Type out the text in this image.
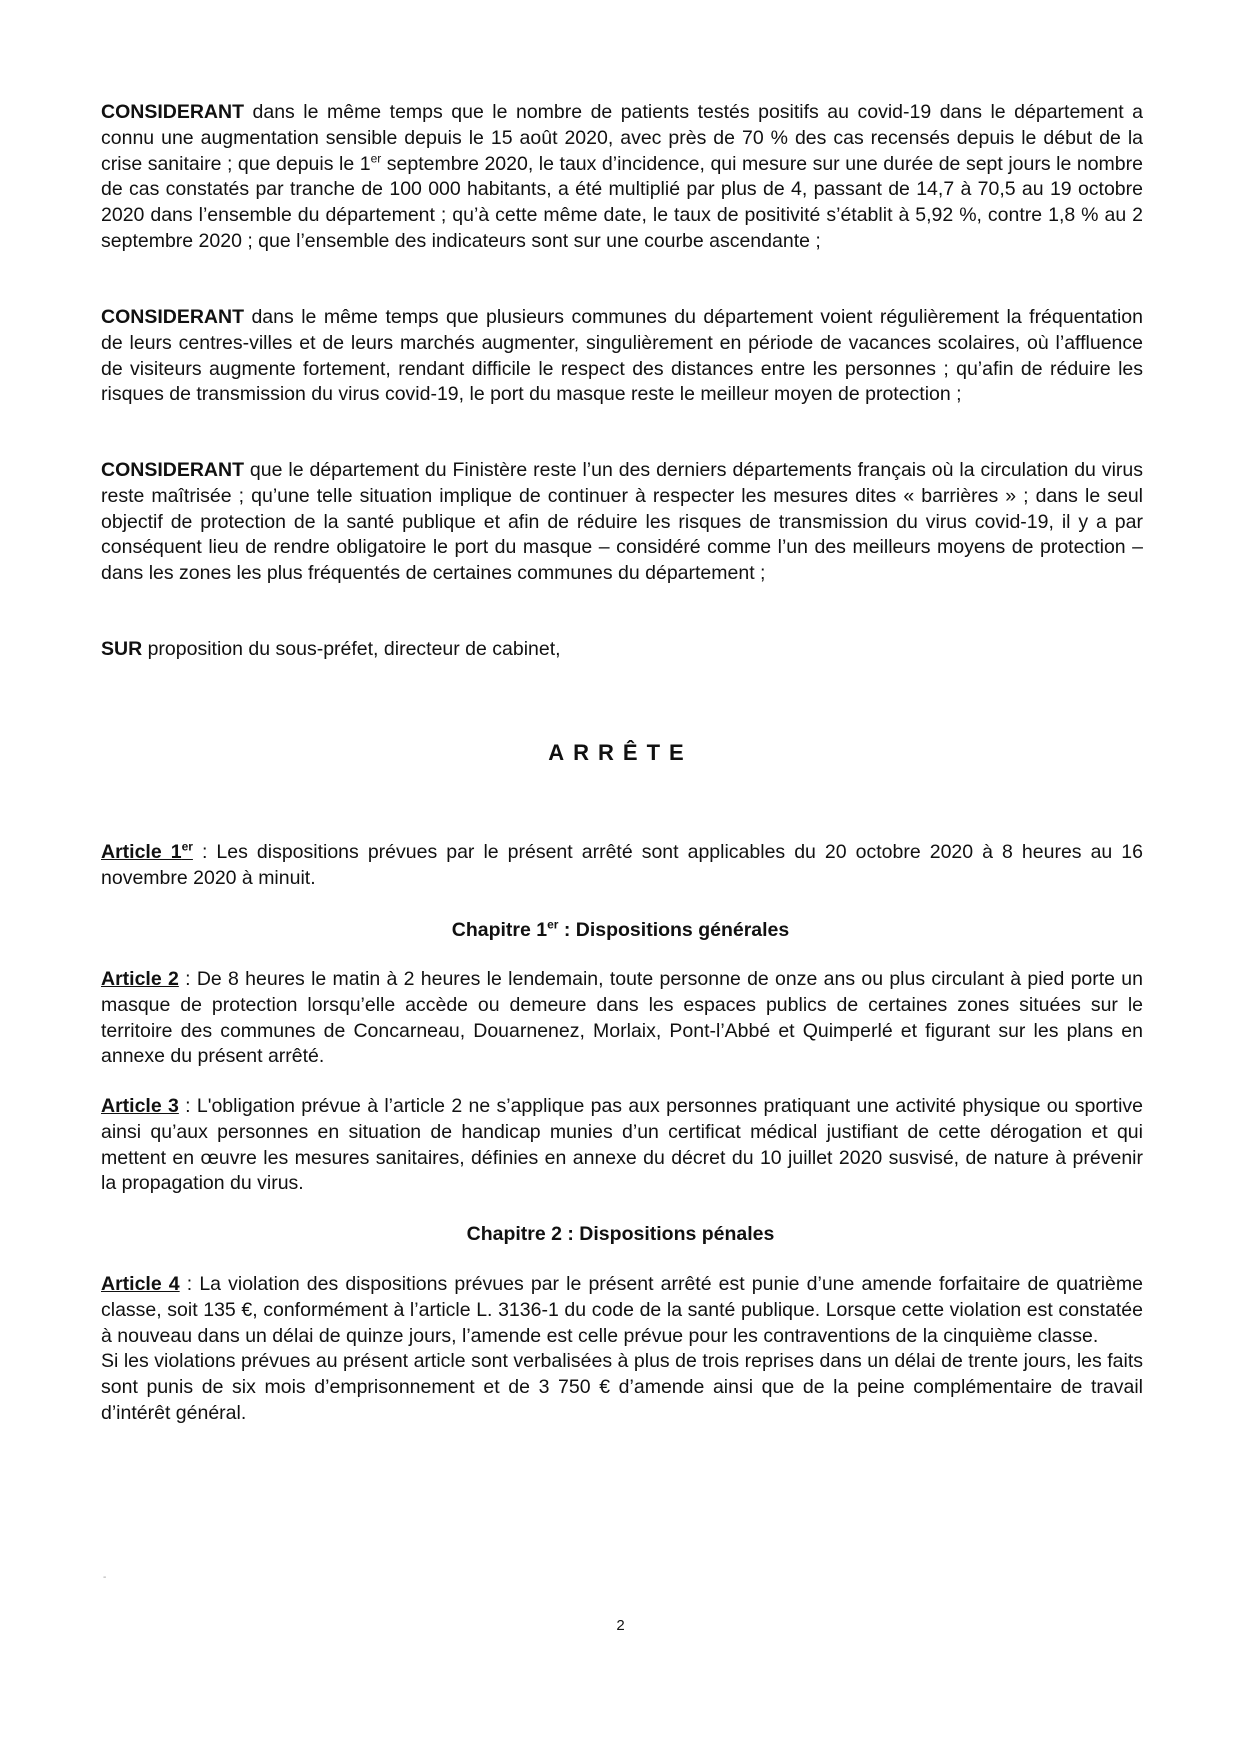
CONSIDERANT dans le même temps que le nombre de patients testés positifs au covid-19 dans le département a connu une augmentation sensible depuis le 15 août 2020, avec près de 70 % des cas recensés depuis le début de la crise sanitaire ; que depuis le 1er septembre 2020, le taux d’incidence, qui mesure sur une durée de sept jours le nombre de cas constatés par tranche de 100 000 habitants, a été multiplié par plus de 4, passant de 14,7 à 70,5 au 19 octobre 2020 dans l’ensemble du département ; qu’à cette même date, le taux de positivité s’établit à 5,92 %, contre 1,8 % au 2 septembre 2020 ; que l’ensemble des indicateurs sont sur une courbe ascendante ;

CONSIDERANT dans le même temps que plusieurs communes du département voient régulièrement la fréquentation de leurs centres-villes et de leurs marchés augmenter, singulièrement en période de vacances scolaires, où l’affluence de visiteurs augmente fortement, rendant difficile le respect des distances entre les personnes ; qu’afin de réduire les risques de transmission du virus covid-19, le port du masque reste le meilleur moyen de protection ;

CONSIDERANT que le département du Finistère reste l’un des derniers départements français où la circulation du virus reste maîtrisée ; qu’une telle situation implique de continuer à respecter les mesures dites « barrières » ; dans le seul objectif de protection de la santé publique et afin de réduire les risques de transmission du virus covid-19, il y a par conséquent lieu de rendre obligatoire le port du masque – considéré comme l’un des meilleurs moyens de protection – dans les zones les plus fréquentés de certaines communes du département ;

SUR proposition du sous-préfet, directeur de cabinet,

ARRÊTE

Article 1er : Les dispositions prévues par le présent arrêté sont applicables du 20 octobre 2020 à 8 heures au 16 novembre 2020 à minuit.

Chapitre 1er : Dispositions générales

Article 2 : De 8 heures le matin à 2 heures le lendemain, toute personne de onze ans ou plus circulant à pied porte un masque de protection lorsqu’elle accède ou demeure dans les espaces publics de certaines zones situées sur le territoire des communes de Concarneau, Douarnenez, Morlaix, Pont-l’Abbé et Quimperlé et figurant sur les plans en annexe du présent arrêté.

Article 3 : L'obligation prévue à l’article 2 ne s’applique pas aux personnes pratiquant une activité physique ou sportive ainsi qu’aux personnes en situation de handicap munies d’un certificat médical justifiant de cette dérogation et qui mettent en œuvre les mesures sanitaires, définies en annexe du décret du 10 juillet 2020 susvisé, de nature à prévenir la propagation du virus.

Chapitre 2 : Dispositions pénales

Article 4 : La violation des dispositions prévues par le présent arrêté est punie d’une amende forfaitaire de quatrième classe, soit 135 €, conformément à l’article L. 3136-1 du code de la santé publique. Lorsque cette violation est constatée à nouveau dans un délai de quinze jours, l’amende est celle prévue pour les contraventions de la cinquième classe.
Si les violations prévues au présent article sont verbalisées à plus de trois reprises dans un délai de trente jours, les faits sont punis de six mois d’emprisonnement et de 3 750 € d’amende ainsi que de la peine complémentaire de travail d’intérêt général.

-
2
